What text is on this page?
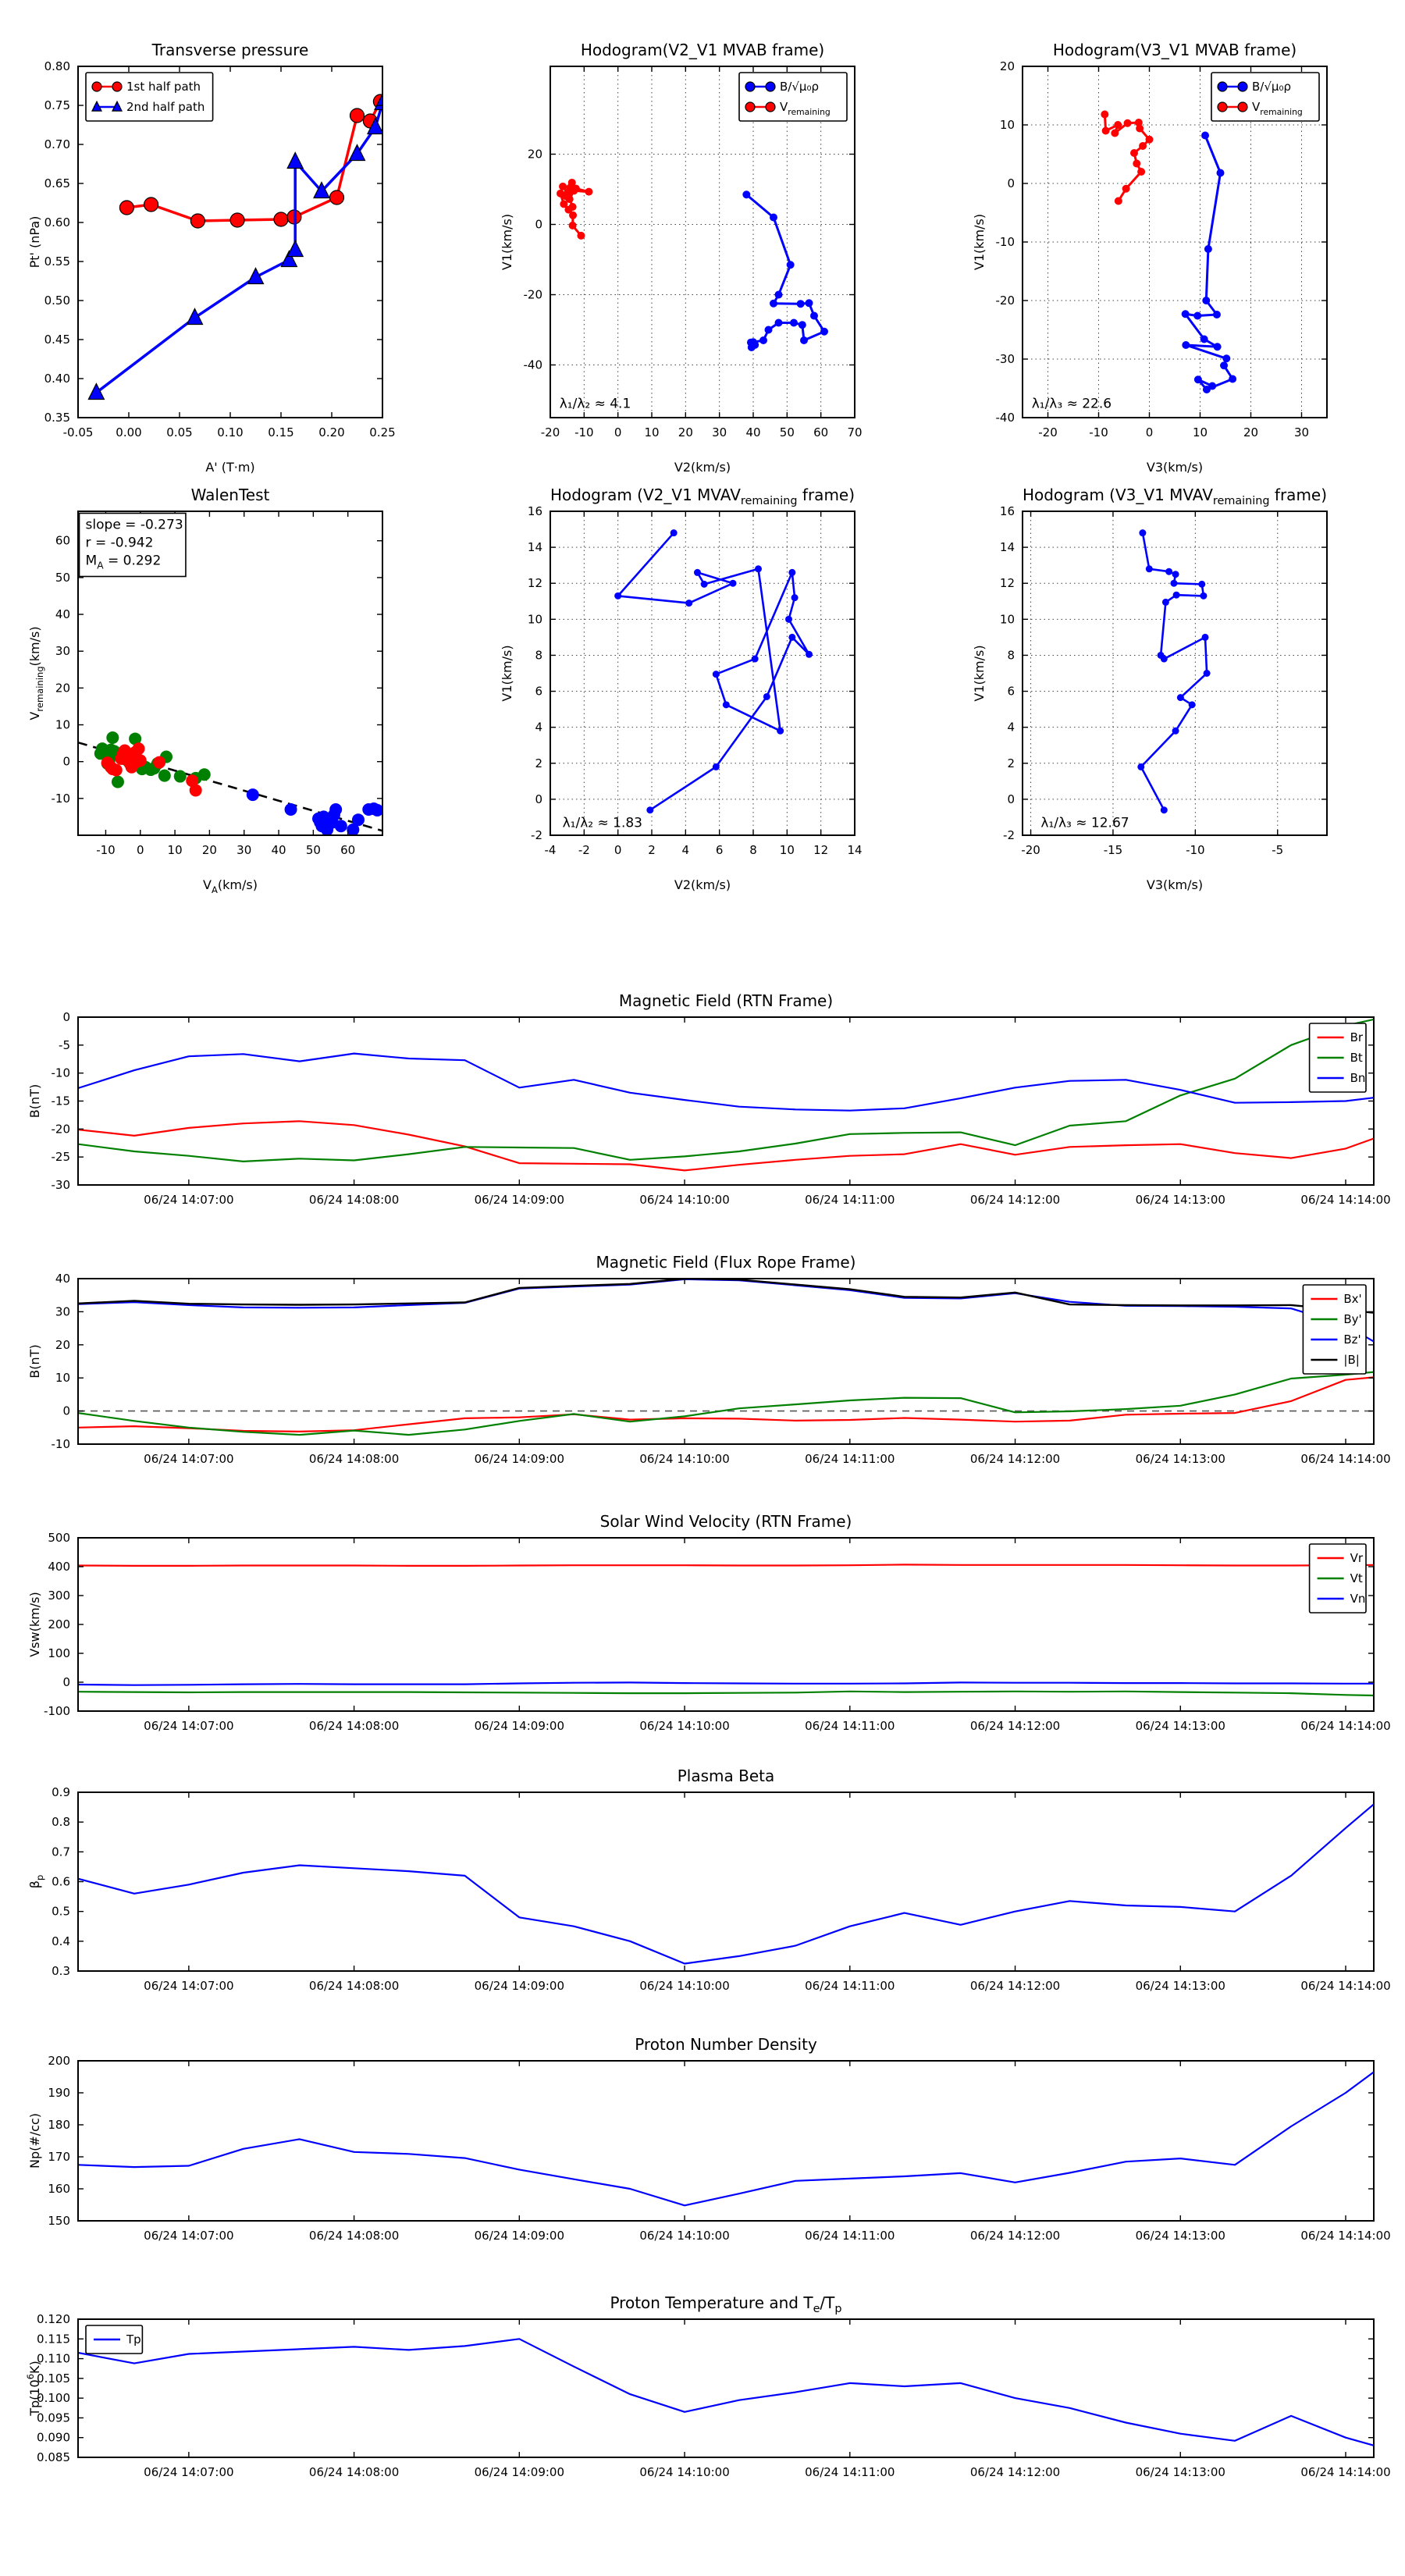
-0.05 0.00 0.05 0.10 0.15 0.20 0.25
0.35
0.40
0.45
0.50
0.55
0.60
0.65
0.70
0.75
0.80
Transverse pressure
A' (T·m)
Pt' (nPa)
1st half path
2nd half path
-20 -10 0 10 20 30 40 50 60 70
-40
-20
0
20
Hodogram(V2_V1 MVAB frame)
V2(km/s)
V1(km/s)
B/√μ₀ρ
$V_{remaining}$
λ₁/λ₂ ≈ 4.1
-20	-10	0	10	20	30
-40
-30
-20
-10
0
10
20
Hodogram(V3_V1 MVAB frame)
V3(km/s)
V1(km/s)
B/√μ₀ρ
$V_{remaining}$
λ₁/λ₃ ≈ 22.6
-10 0 10 20 30 40 50 60
-10
0
10
20
30
40
50
60
WalenTest
$V_A(km/s)$
$V_{remaining}(km/s)$
slope = -0.273 r = -0.942 $M_A = 0.292$
-4 -2 0 2 4 6 8 10 12 14
-2
0
2
4
6
8
10
12
14
16
Hodogram (V2_V1 $MVAV_{remaining}$ frame)
V2(km/s)
V1(km/s)
λ₁/λ₂ ≈ 1.83
-20	-15	-10	-5
-2
0
2
4
6
8
10
12
14
16
Hodogram (V3_V1 $MVAV_{remaining}$ frame)
V3(km/s)
V1(km/s)
λ₁/λ₃ ≈ 12.67
06/24 14:07:00	06/24 14:08:00	06/24 14:09:00	06/24 14:10:00	06/24 14:11:00	06/24 14:12:00	06/24 14:13:00	06/24 14:14:00
-30
-25
-20
-15
-10
-5
0
Magnetic Field (RTN Frame)
B(nT)
Br
Bt
Bn
06/24 14:07:00	06/24 14:08:00	06/24 14:09:00	06/24 14:10:00	06/24 14:11:00	06/24 14:12:00	06/24 14:13:00	06/24 14:14:00
-10
0
10
20
30
40
Magnetic Field (Flux Rope Frame)
B(nT)
Bx'
By'
Bz'
|B|
06/24 14:07:00	06/24 14:08:00	06/24 14:09:00	06/24 14:10:00	06/24 14:11:00	06/24 14:12:00	06/24 14:13:00	06/24 14:14:00
-100
0
100
200
300
400
500
Solar Wind Velocity (RTN Frame)
Vsw(km/s)
Vr
Vt
Vn
06/24 14:07:00	06/24 14:08:00	06/24 14:09:00	06/24 14:10:00	06/24 14:11:00	06/24 14:12:00	06/24 14:13:00	06/24 14:14:00
0.3
0.4
0.5
0.6
0.7
0.8
0.9
Plasma Beta
$\beta_p$
06/24 14:07:00	06/24 14:08:00	06/24 14:09:00	06/24 14:10:00	06/24 14:11:00	06/24 14:12:00	06/24 14:13:00	06/24 14:14:00
150
160
170
180
190
200
Proton Number Density
Np(#/cc)
06/24 14:07:00	06/24 14:08:00	06/24 14:09:00	06/24 14:10:00	06/24 14:11:00	06/24 14:12:00	06/24 14:13:00	06/24 14:14:00
0.085
0.090
0.095
0.100
0.105
0.110
0.115
0.120
Proton Temperature and $T_e/T_p$
$Tp(10^6K)$
Tp
